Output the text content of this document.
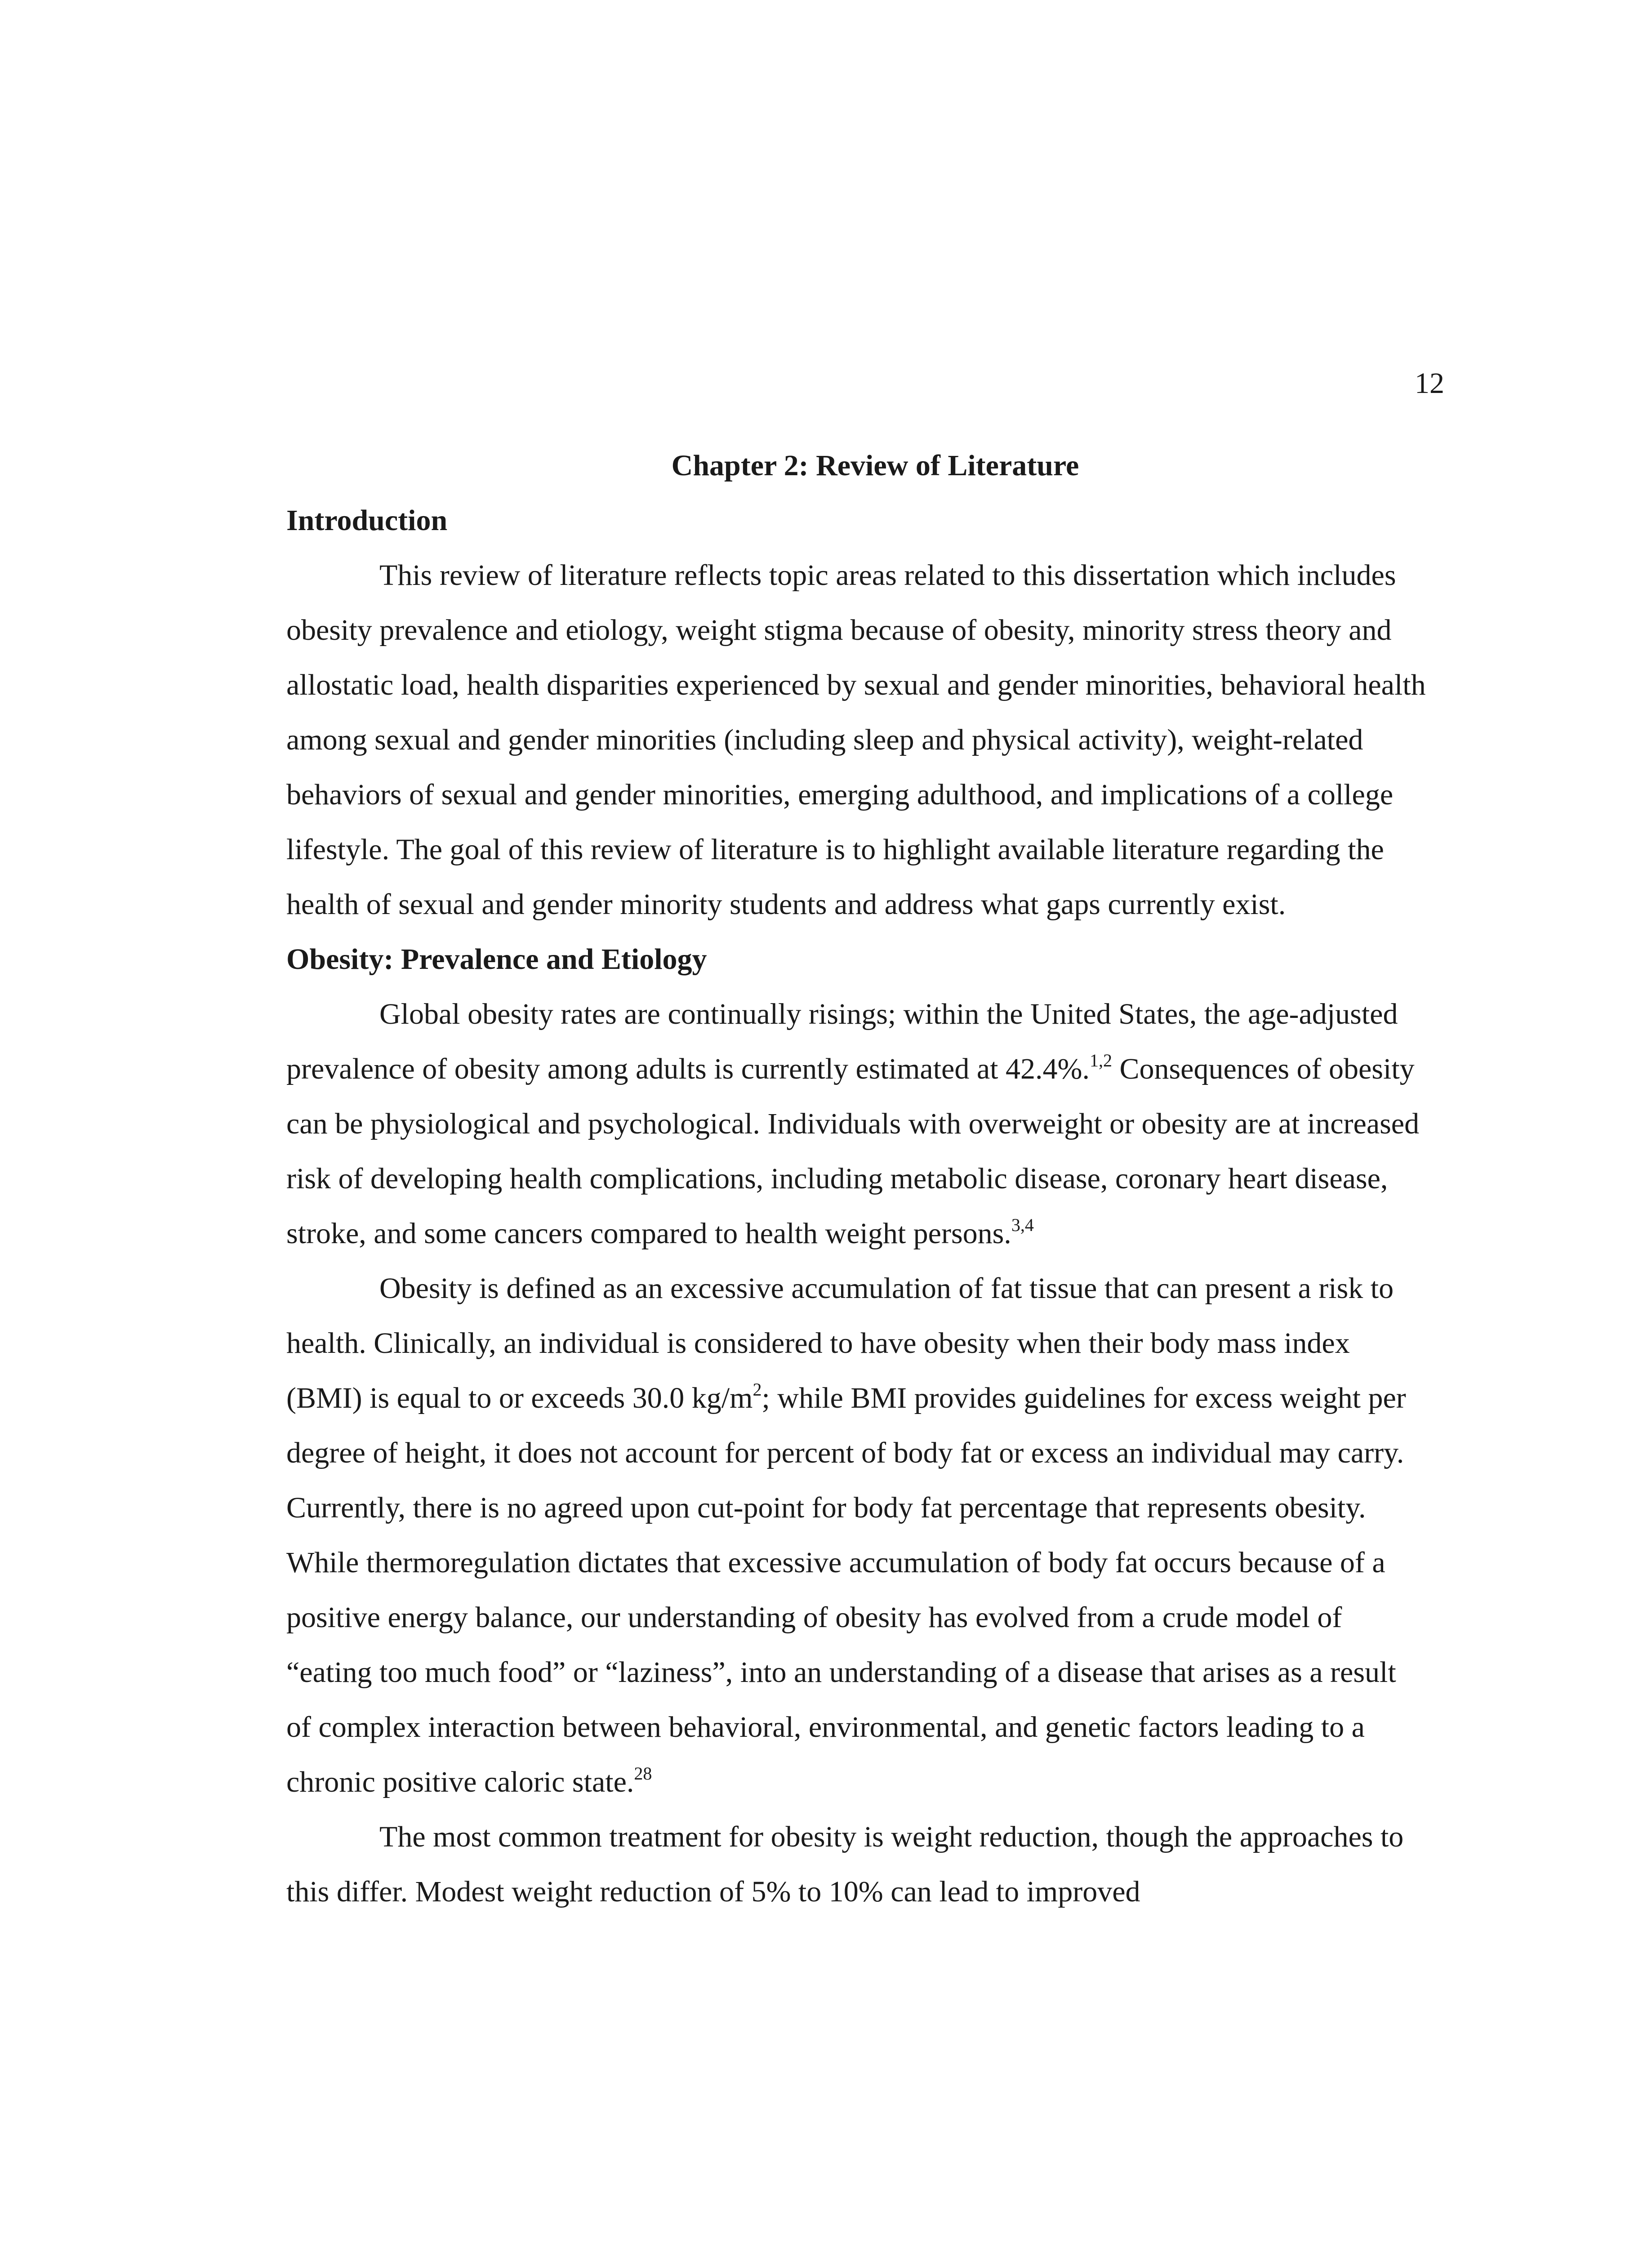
12

Chapter 2: Review of Literature

Introduction

This review of literature reflects topic areas related to this dissertation which includes obesity prevalence and etiology, weight stigma because of obesity, minority stress theory and allostatic load, health disparities experienced by sexual and gender minorities, behavioral health among sexual and gender minorities (including sleep and physical activity), weight-related behaviors of sexual and gender minorities, emerging adulthood, and implications of a college lifestyle. The goal of this review of literature is to highlight available literature regarding the health of sexual and gender minority students and address what gaps currently exist.

Obesity: Prevalence and Etiology

Global obesity rates are continually risings; within the United States, the age-adjusted prevalence of obesity among adults is currently estimated at 42.4%.$^{1,2}$ Consequences of obesity can be physiological and psychological. Individuals with overweight or obesity are at increased risk of developing health complications, including metabolic disease, coronary heart disease, stroke, and some cancers compared to health weight persons.$^{3,4}$

Obesity is defined as an excessive accumulation of fat tissue that can present a risk to health. Clinically, an individual is considered to have obesity when their body mass index (BMI) is equal to or exceeds 30.0 $kg/m^2$; while BMI provides guidelines for excess weight per degree of height, it does not account for percent of body fat or excess an individual may carry. Currently, there is no agreed upon cut-point for body fat percentage that represents obesity. While thermoregulation dictates that excessive accumulation of body fat occurs because of a positive energy balance, our understanding of obesity has evolved from a crude model of “eating too much food” or “laziness”, into an understanding of a disease that arises as a result of complex interaction between behavioral, environmental, and genetic factors leading to a chronic positive caloric state.$^{28}$

The most common treatment for obesity is weight reduction, though the approaches to this differ. Modest weight reduction of 5% to 10% can lead to improved
